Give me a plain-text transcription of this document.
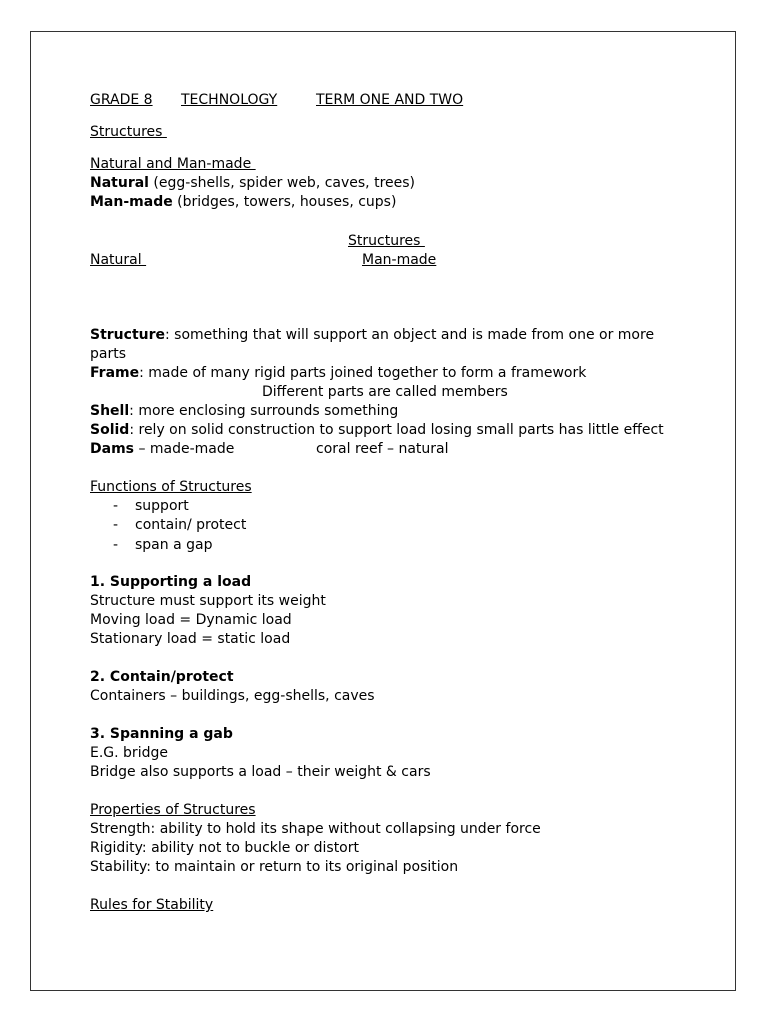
GRADE 8 TECHNOLOGY	TERM ONE AND TWO
Structures
Natural and Man-made
Natural (egg-shells, spider web, caves, trees)
Man-made (bridges, towers, houses, cups)
Structures
Natural	Man-made
Structure: something that will support an object and is made from one or more
parts
Frame: made of many rigid parts joined together to form a framework
Different parts are called members
Shell: more enclosing surrounds something
Solid: rely on solid construction to support load losing small parts has little effect
Dams – made-made	coral reef – natural
Functions of Structures
- support
- contain/ protect
- span a gap
1. Supporting a load
Structure must support its weight
Moving load = Dynamic load
Stationary load = static load
2. Contain/protect
Containers – buildings, egg-shells, caves
3. Spanning a gab
E.G. bridge
Bridge also supports a load – their weight & cars
Properties of Structures
Strength: ability to hold its shape without collapsing under force
Rigidity: ability not to buckle or distort
Stability: to maintain or return to its original position
Rules for Stability
